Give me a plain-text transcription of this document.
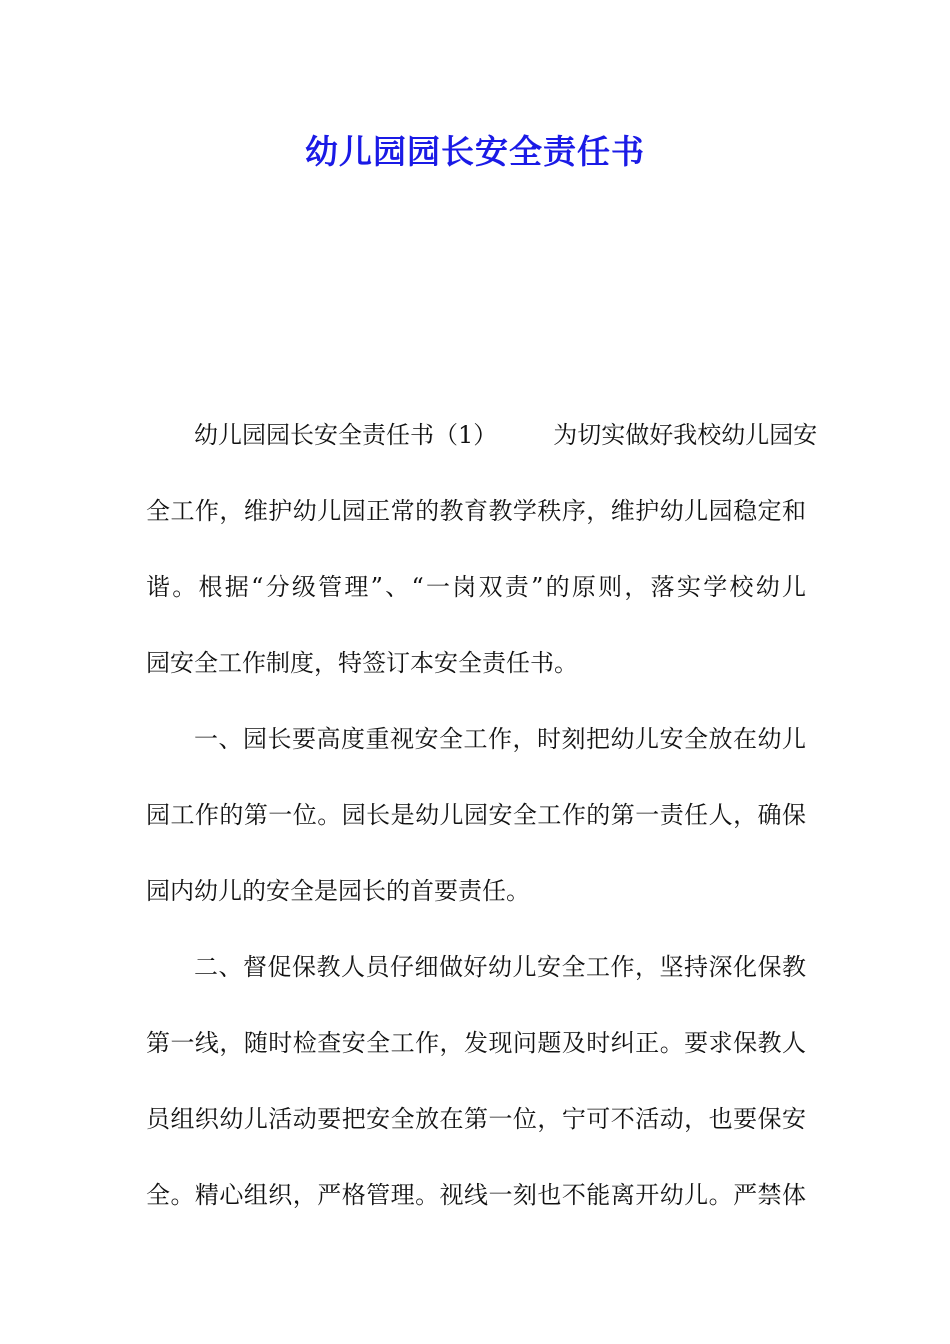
幼儿园园长安全责任书
幼儿园园长安全责任书（1） 为切实做好我校幼儿园安
全工作，维护幼儿园正常的教育教学秩序，维护幼儿园稳定和
谐。根据“分级管理”、“一岗双责”的原则，落实学校幼儿
园安全工作制度，特签订本安全责任书。
一、园长要高度重视安全工作，时刻把幼儿安全放在幼儿
园工作的第一位。园长是幼儿园安全工作的第一责任人，确保
园内幼儿的安全是园长的首要责任。
二、督促保教人员仔细做好幼儿安全工作，坚持深化保教
第一线，随时检查安全工作，发现问题及时纠正。要求保教人
员组织幼儿活动要把安全放在第一位，宁可不活动，也要保安
全。精心组织，严格管理。视线一刻也不能离开幼儿。严禁体
